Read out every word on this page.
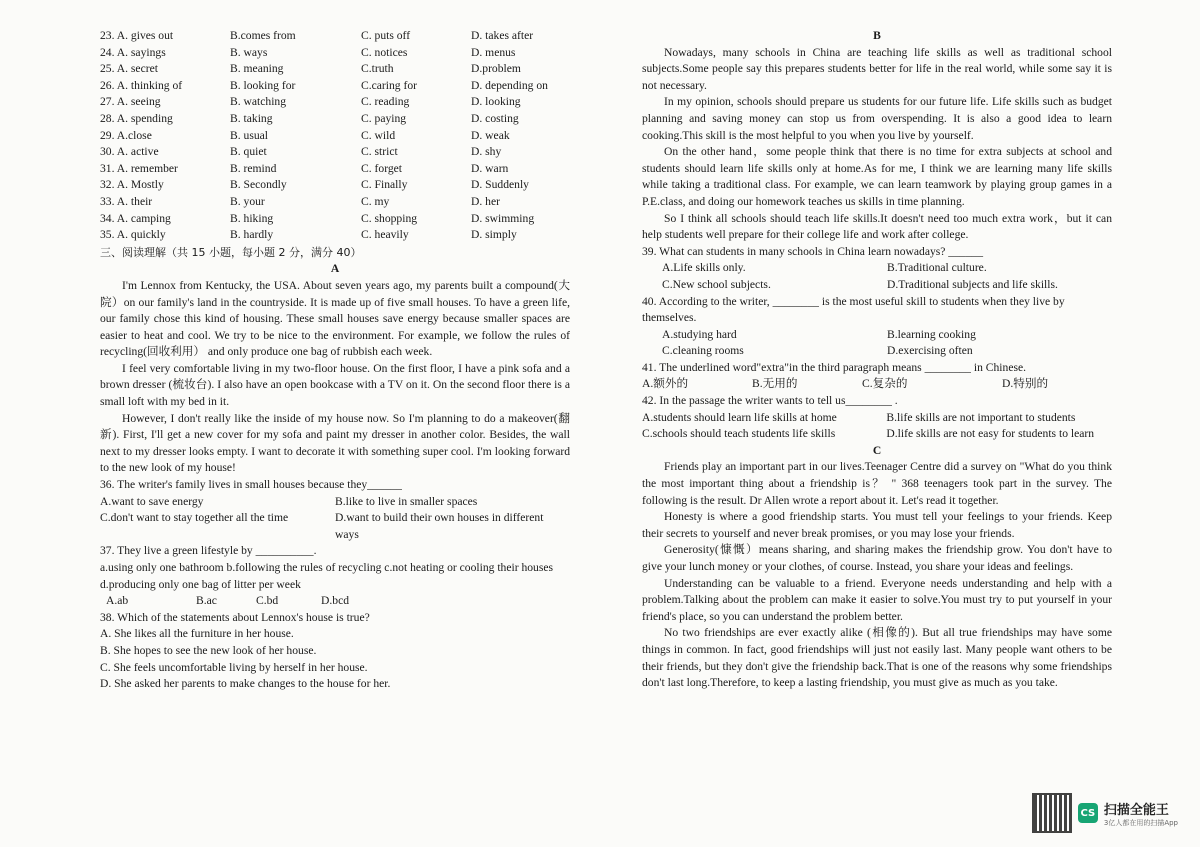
23. A. gives out	B.comes from	C. puts off	D. takes after
24. A. sayings	B. ways	C. notices	D. menus
25. A. secret	B. meaning	C.truth	D.problem
26. A. thinking of	B. looking for	C.caring for	D. depending on
27. A. seeing	B. watching	C. reading	D. looking
28. A. spending	B. taking	C. paying	D. costing
29. A.close	B. usual	C. wild	D. weak
30. A. active	B. quiet	C. strict	D. shy
31. A. remember	B. remind	C. forget	D. warn
32. A. Mostly	B. Secondly	C. Finally	D. Suddenly
33. A. their	B. your	C. my	D. her
34. A. camping	B. hiking	C. shopping	D. swimming
35. A. quickly	B. hardly	C. heavily	D. simply
三、阅读理解（共 15 小题，每小题 2 分，满分 40）
A

I'm Lennox from Kentucky, the USA. About seven years ago, my parents built a compound(大院）on our family's land in the countryside. It is made up of five small houses. To have a green life, our family chose this kind of housing. These small houses save energy because smaller spaces are easier to heat and cool. We try to be nice to the environment. For example, we follow the rules of recycling(回收利用） and only produce one bag of rubbish each week.

I feel very comfortable living in my two-floor house. On the first floor, I have a pink sofa and a brown dresser (梳妆台). I also have an open bookcase with a TV on it. On the second floor there is a small loft with my bed in it.

However, I don't really like the inside of my house now. So I'm planning to do a makeover(翻新). First, I'll get a new cover for my sofa and paint my dresser in another color. Besides, the wall next to my dresser looks empty. I want to decorate it with something super cool. I'm looking forward to the new look of my house!

36. The writer's family lives in small houses because they______

A.want to save energy	B.like to live in smaller spaces
C.don't want to stay together all the time	D.want to build their own houses in different ways

37. They live a green lifestyle by __________.

a.using only one bathroom b.following the rules of recycling c.not heating or cooling their houses

d.producing only one bag of litter per week

A.ab	B.ac	C.bd	D.bcd

38. Which of the statements about Lennox's house is true?

A. She likes all the furniture in her house.

B. She hopes to see the new look of her house.

C. She feels uncomfortable living by herself in her house.

D. She asked her parents to make changes to the house for her.

B

Nowadays, many schools in China are teaching life skills as well as traditional school subjects.Some people say this prepares students better for life in the real world, while some say it is not necessary.

In my opinion, schools should prepare us students for our future life. Life skills such as budget planning and saving money can stop us from overspending. It is also a good idea to learn cooking.This skill is the most helpful to you when you live by yourself.

On the other hand，some people think that there is no time for extra subjects at school and students should learn life skills only at home.As for me, I think we are learning many life skills while taking a traditional class. For example, we can learn teamwork by playing group games in a P.E.class, and doing our homework teaches us skills in time planning.

So I think all schools should teach life skills.It doesn't need too much extra work，but it can help students well prepare for their college life and work after college.

39. What can students in many schools in China learn nowadays? ______

A.Life skills only.	B.Traditional culture.
C.New school subjects.	D.Traditional subjects and life skills.

40. According to the writer, ________ is the most useful skill to students when they live by themselves.

A.studying hard	B.learning cooking
C.cleaning rooms	D.exercising often

41. The underlined word"extra"in the third paragraph means ________ in Chinese.

A.额外的	B.无用的	C.复杂的	D.特别的

42. In the passage the writer wants to tell us________ .

A.students should learn life skills at home	B.life skills are not important to students
C.schools should teach students life skills	D.life skills are not easy for students to learn
C

Friends play an important part in our lives.Teenager Centre did a survey on "What do you think the most important thing about a friendship is？ " 368 teenagers took part in the survey. The following is the result. Dr Allen wrote a report about it. Let's read it together.

Honesty is where a good friendship starts. You must tell your feelings to your friends. Keep their secrets to yourself and never break promises, or you may lose your friends.

Generosity(慷慨）means sharing, and sharing makes the friendship grow. You don't have to give your lunch money or your clothes, of course. Instead, you share your ideas and feelings.

Understanding can be valuable to a friend. Everyone needs understanding and help with a problem.Talking about the problem can make it easier to solve.You must try to put yourself in your friend's place, so you can understand the problem better.

No two friendships are ever exactly alike (相像的). But all true friendships may have some things in common. In fact, good friendships will just not easily last. Many people want others to be their friends, but they don't give the friendship back.That is one of the reasons why some friendships don't last long.Therefore, to keep a lasting friendship, you must give as much as you take.

CS 扫描全能王
3亿人都在用的扫描App
